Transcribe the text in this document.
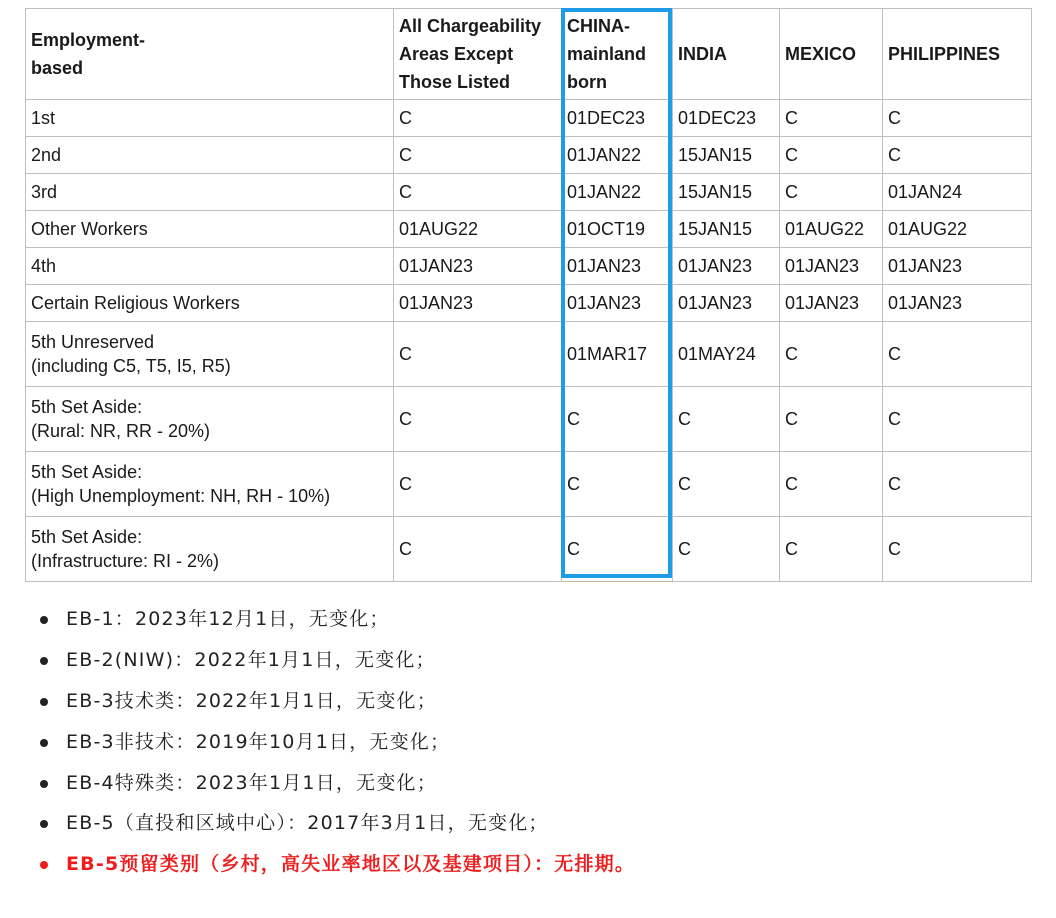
Employment-
based	All Chargeability
Areas Except
Those Listed	CHINA-
mainland
born	INDIA	MEXICO	PHILIPPINES

1st	C	01DEC23	01DEC23	C	C

2nd	C	01JAN22	15JAN15	C	C

3rd	C	01JAN22	15JAN15	C	01JAN24

Other Workers	01AUG22	01OCT19	15JAN15	01AUG22	01AUG22

4th	01JAN23	01JAN23	01JAN23	01JAN23	01JAN23

Certain Religious Workers	01JAN23	01JAN23	01JAN23	01JAN23	01JAN23

5th Unreserved
(including C5, T5, I5, R5)	C	01MAR17	01MAY24	C	C

5th Set Aside:
(Rural: NR, RR - 20%)	C	C	C	C	C

5th Set Aside:
(High Unemployment: NH, RH - 10%)	C	C	C	C	C

5th Set Aside:
(Infrastructure: RI - 2%)	C	C	C	C	C
EB-1：2023年12月1日，无变化；
EB-2(NIW)：2022年1月1日，无变化；
EB-3技术类：2022年1月1日，无变化；
EB-3非技术：2019年10月1日，无变化；
EB-4特殊类：2023年1月1日，无变化；
EB-5（直投和区域中心）：2017年3月1日，无变化；
EB-5预留类别（乡村，高失业率地区以及基建项目）：无排期。
